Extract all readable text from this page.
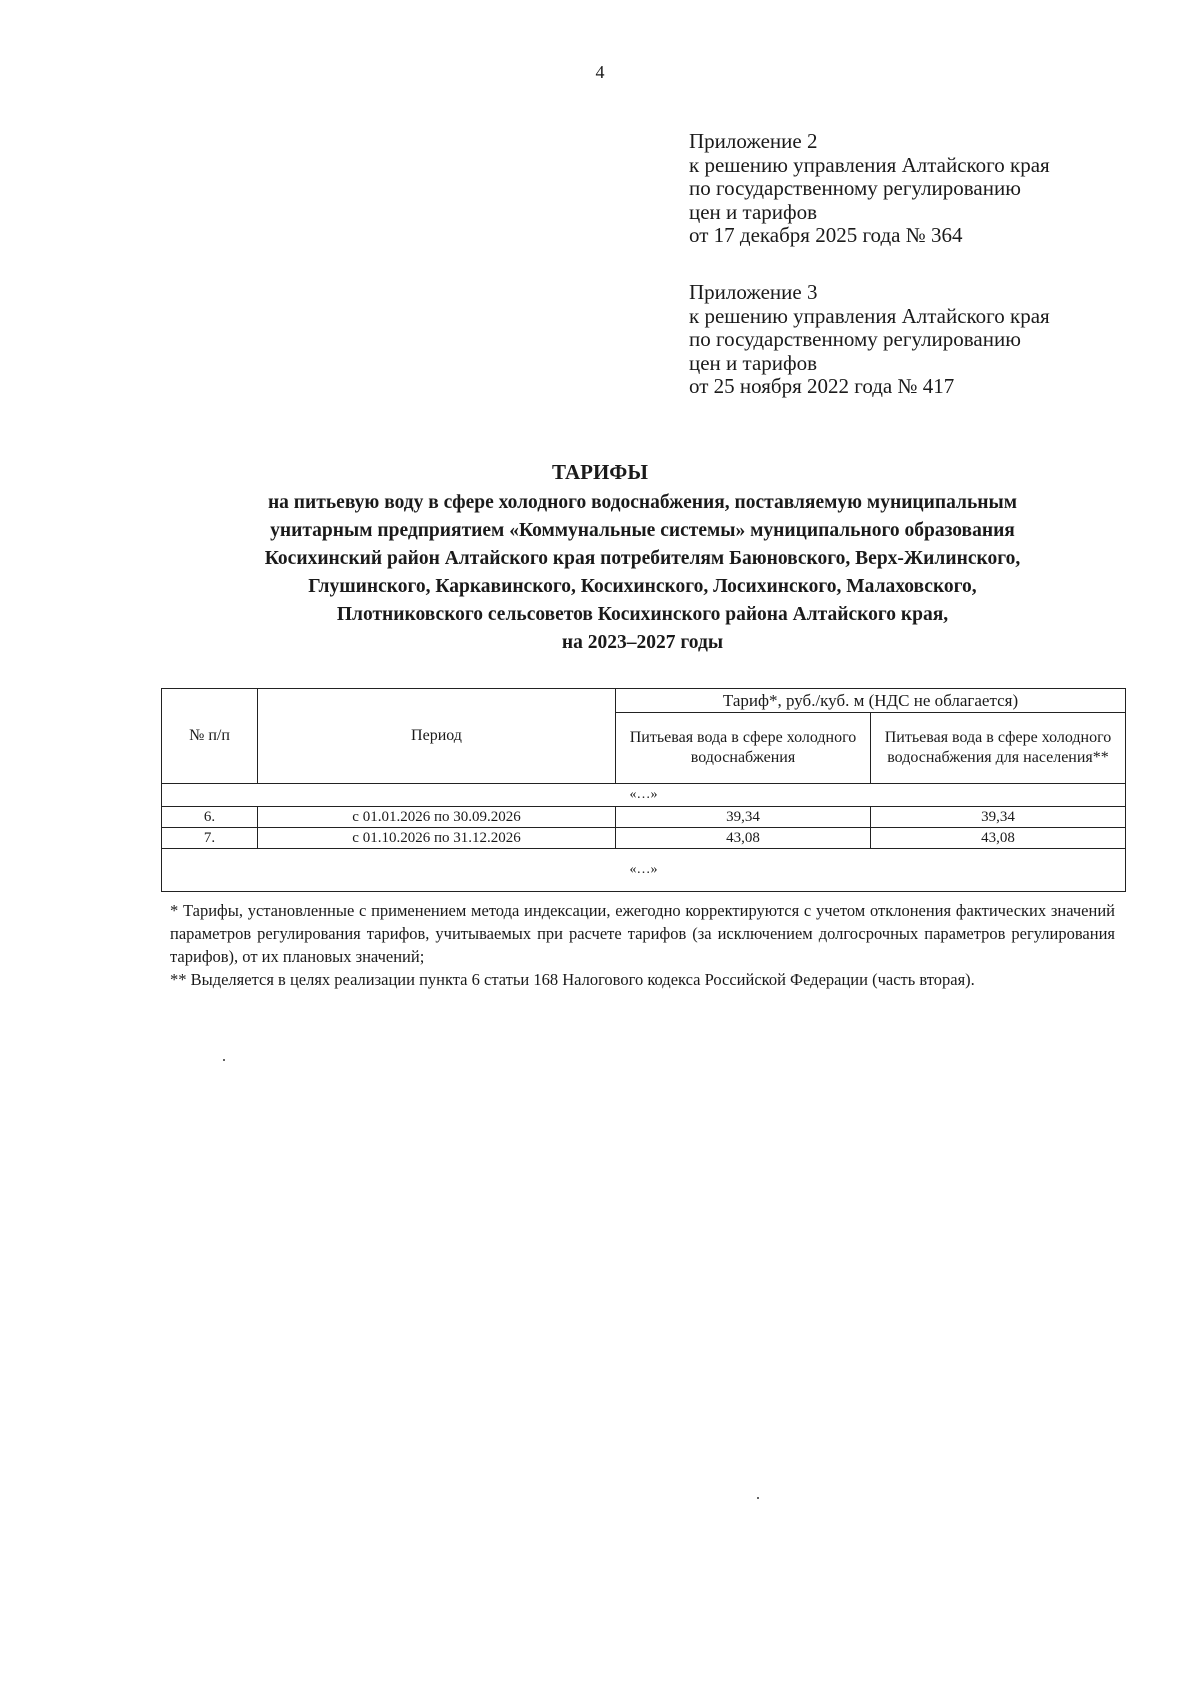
4
Приложение 2
к решению управления Алтайского края
по государственному регулированию
цен и тарифов
от 17 декабря 2025 года № 364
Приложение 3
к решению управления Алтайского края
по государственному регулированию
цен и тарифов
от 25 ноября 2022 года № 417
ТАРИФЫ
на питьевую воду в сфере холодного водоснабжения, поставляемую муниципальным
унитарным предприятием «Коммунальные системы» муниципального образования
Косихинский район Алтайского края потребителям Баюновского, Верх-Жилинского,
Глушинского, Каркавинского, Косихинского, Лосихинского, Малаховского,
Плотниковского сельсоветов Косихинского района Алтайского края,
на 2023–2027 годы
№ п/п	Период	Тариф*, руб./куб. м (НДС не облагается)	
		Питьевая вода в сфере холодного водоснабжения	Питьевая вода в сфере холодного водоснабжения для населения**
«…»			
6.	с 01.01.2026 по 30.09.2026	39,34	39,34
7.	с 01.10.2026 по 31.12.2026	43,08	43,08
«…»			

* Тарифы, установленные с применением метода индексации, ежегодно корректируются с учетом отклонения фактических значений параметров регулирования тарифов, учитываемых при расчете тарифов (за исключением долгосрочных параметров регулирования тарифов), от их плановых значений;

** Выделяется в целях реализации пункта 6 статьи 168 Налогового кодекса Российской Федерации (часть вторая).
